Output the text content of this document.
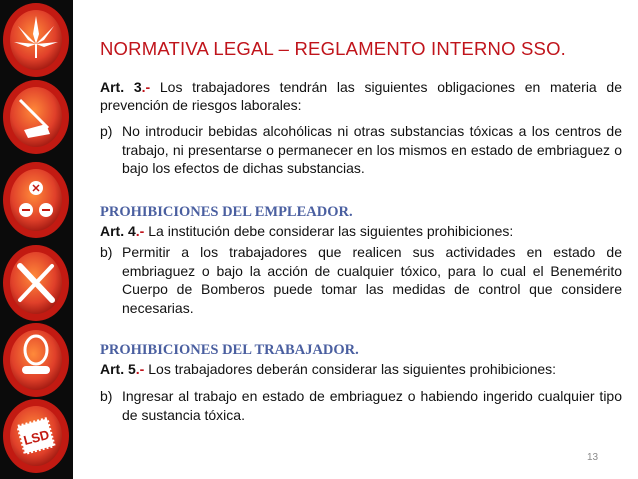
LSD
NORMATIVA LEGAL – REGLAMENTO INTERNO SSO.
Art. 3.- Los trabajadores tendrán las siguientes obligaciones en materia de prevención de riesgos laborales:
p) No introducir bebidas alcohólicas ni otras substancias tóxicas a los centros de trabajo, ni presentarse o permanecer en los mismos en estado de embriaguez o bajo los efectos de dichas substancias.
PROHIBICIONES DEL EMPLEADOR.
Art. 4.- La institución debe considerar las siguientes prohibiciones:
b) Permitir a los trabajadores que realicen sus actividades en estado de embriaguez o bajo la acción de cualquier tóxico, para lo cual el Benemérito Cuerpo de Bomberos puede tomar las medidas de control que considere necesarias.
PROHIBICIONES DEL TRABAJADOR.
Art. 5.- Los trabajadores deberán considerar las siguientes prohibiciones:
b) Ingresar al trabajo en estado de embriaguez o habiendo ingerido cualquier tipo de sustancia tóxica.
13
